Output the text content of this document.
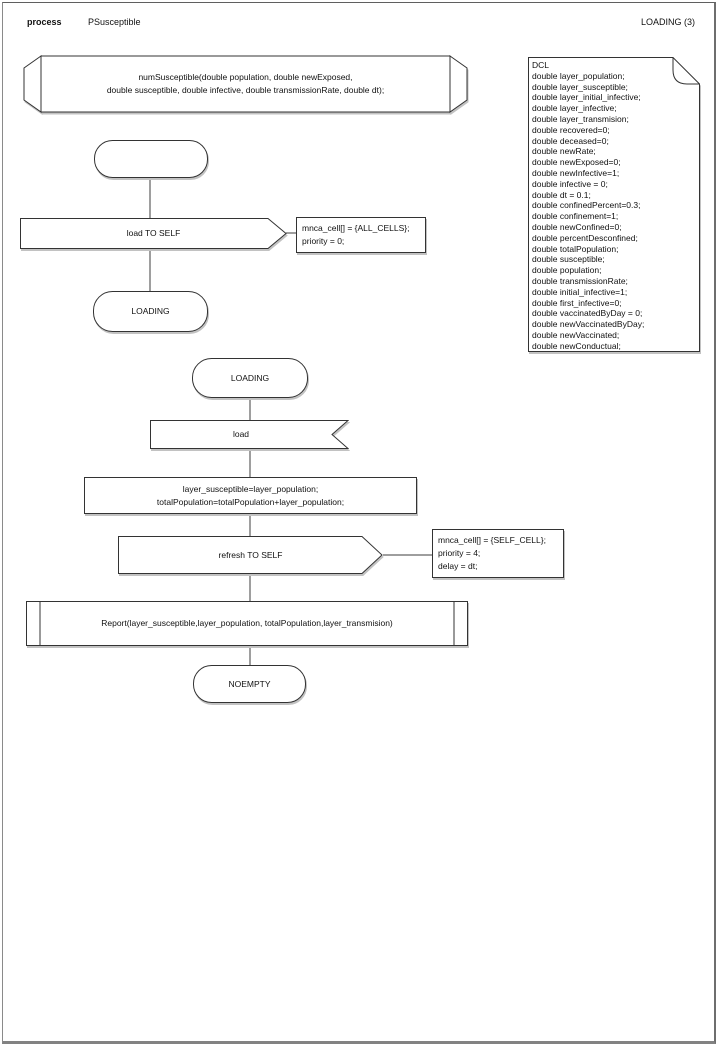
process	PSusceptible	LOADING (3)
numSusceptible(double population, double newExposed,
double susceptible, double infective, double transmissionRate, double dt);
load TO SELF	mnca_cell[] = {ALL_CELLS};
priority = 0;
LOADING
DCL
double layer_population;
double layer_susceptible;
double layer_initial_infective;
double layer_infective;
double layer_transmision;
double recovered=0;
double deceased=0;
double newRate;
double newExposed=0;
double newInfective=1;
double infective = 0;
double dt = 0.1;
double confinedPercent=0.3;
double confinement=1;
double newConfined=0;
double percentDesconfined;
double totalPopulation;
double susceptible;
double population;
double transmissionRate;
double initial_infective=1;
double first_infective=0;
double vaccinatedByDay = 0;
double newVaccinatedByDay;
double newVaccinated;
double newConductual;
LOADING
load
layer_susceptible=layer_population;
totalPopulation=totalPopulation+layer_population;
refresh TO SELF
mnca_cell[] = {SELF_CELL};
priority = 4;
delay = dt;
Report(layer_susceptible,layer_population, totalPopulation,layer_transmision)
NOEMPTY
